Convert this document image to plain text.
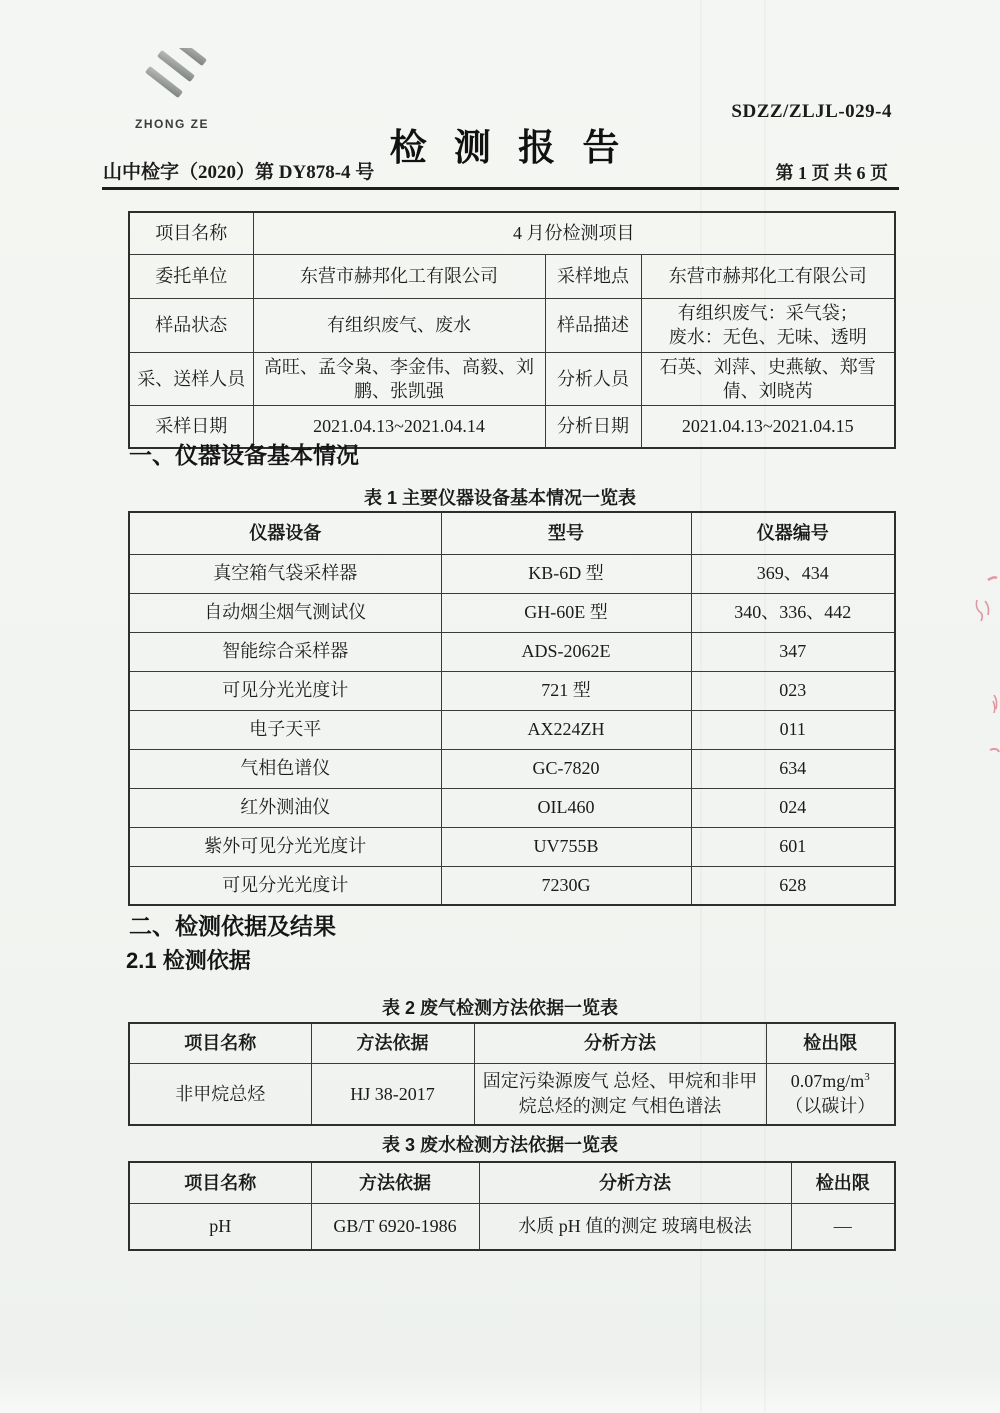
ZHONG ZE
检 测 报 告
SDZZ/ZLJL-029-4
山中检字（2020）第 DY878-4 号	第 1 页 共 6 页
项目名称	4 月份检测项目		
委托单位	东营市赫邦化工有限公司	采样地点	东营市赫邦化工有限公司
样品状态	有组织废气、废水	样品描述	有组织废气：采气袋；
废水：无色、无味、透明

采、送样人员	高旺、孟令枭、李金伟、高毅、刘鹏、张凯强	分析人员	石英、刘萍、史燕敏、郑雪倩、刘晓芮
采样日期	2021.04.13~2021.04.14	分析日期	2021.04.13~2021.04.15
一、仪器设备基本情况
表 1 主要仪器设备基本情况一览表
仪器设备	型号	仪器编号
真空箱气袋采样器	KB-6D 型	369、434
自动烟尘烟气测试仪	GH-60E 型	340、336、442
智能综合采样器	ADS-2062E	347
可见分光光度计	721 型	023
电子天平	AX224ZH	011
气相色谱仪	GC-7820	634
红外测油仪	OIL460	024
紫外可见分光光度计	UV755B	601
可见分光光度计	7230G	628
二、检测依据及结果
2.1 检测依据
表 2 废气检测方法依据一览表
项目名称	方法依据	分析方法	检出限
非甲烷总烃	HJ 38-2017	固定污染源废气 总烃、甲烷和非甲烷总烃的测定 气相色谱法	$0.07mg/m^3$
（以碳计）
表 3 废水检测方法依据一览表
项目名称	方法依据	分析方法	检出限
pH	GB/T 6920-1986	水质 pH 值的测定 玻璃电极法	—
